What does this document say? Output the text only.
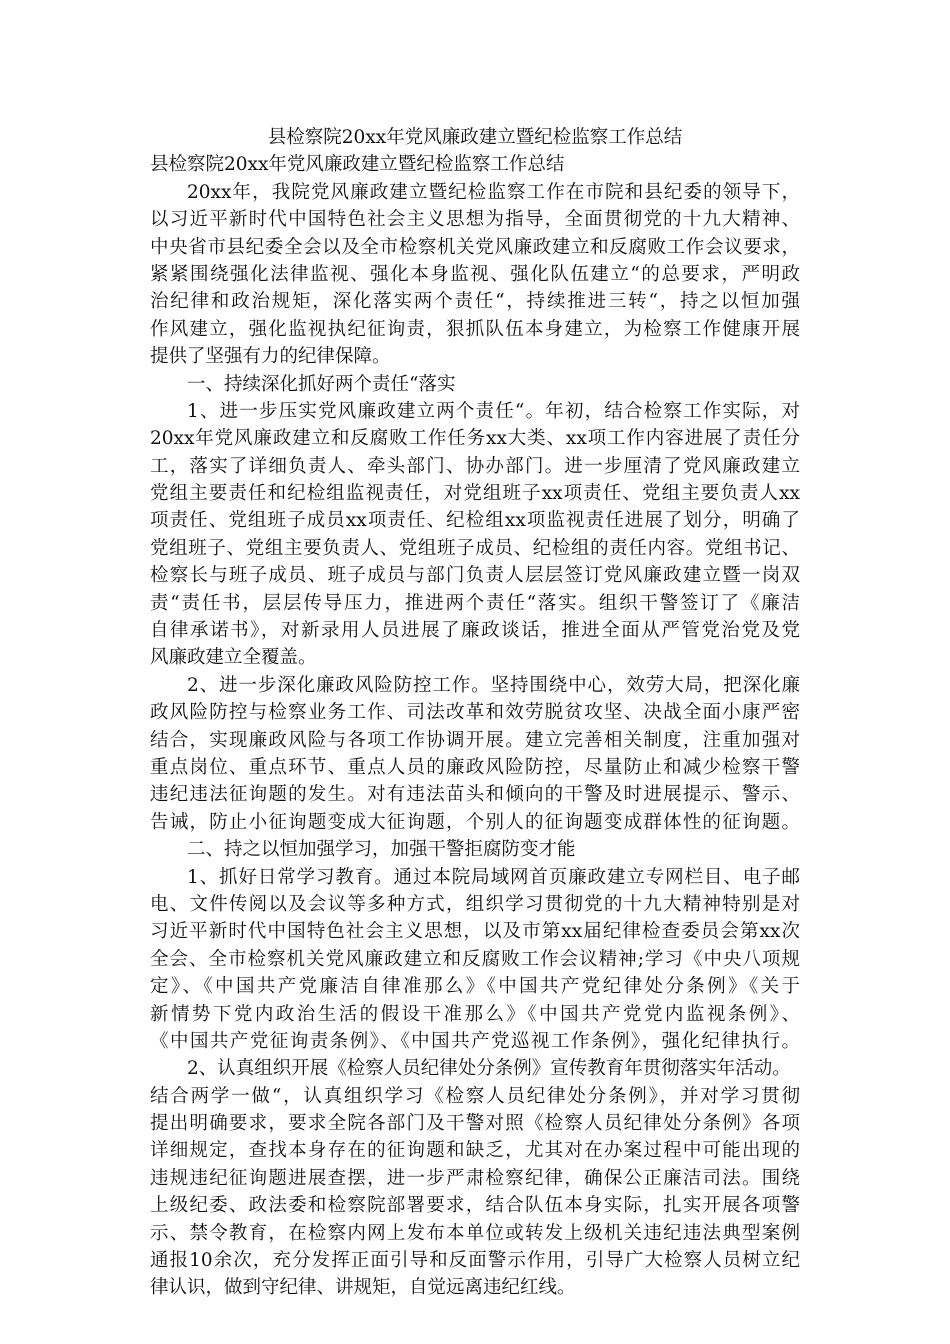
县检察院20xx年党风廉政建立暨纪检监察工作总结
县检察院20xx年党风廉政建立暨纪检监察工作总结
20xx年，我院党风廉政建立暨纪检监察工作在市院和县纪委的领导下，
以习近平新时代中国特色社会主义思想为指导，全面贯彻党的十九大精神、
中央省市县纪委全会以及全市检察机关党风廉政建立和反腐败工作会议要求，
紧紧围绕强化法律监视、强化本身监视、强化队伍建立“的总要求，严明政
治纪律和政治规矩，深化落实两个责任“，持续推进三转“，持之以恒加强
作风建立，强化监视执纪征询责，狠抓队伍本身建立，为检察工作健康开展
提供了坚强有力的纪律保障。
一、持续深化抓好两个责任“落实
1、进一步压实党风廉政建立两个责任“。年初，结合检察工作实际，对
20xx年党风廉政建立和反腐败工作任务xx大类、xx项工作内容进展了责任分
工，落实了详细负责人、牵头部门、协办部门。进一步厘清了党风廉政建立
党组主要责任和纪检组监视责任，对党组班子xx项责任、党组主要负责人xx
项责任、党组班子成员xx项责任、纪检组xx项监视责任进展了划分，明确了
党组班子、党组主要负责人、党组班子成员、纪检组的责任内容。党组书记、
检察长与班子成员、班子成员与部门负责人层层签订党风廉政建立暨一岗双
责“责任书，层层传导压力，推进两个责任“落实。组织干警签订了《廉洁
自律承诺书》，对新录用人员进展了廉政谈话，推进全面从严管党治党及党
风廉政建立全覆盖。
2、进一步深化廉政风险防控工作。坚持围绕中心，效劳大局，把深化廉
政风险防控与检察业务工作、司法改革和效劳脱贫攻坚、决战全面小康严密
结合，实现廉政风险与各项工作协调开展。建立完善相关制度，注重加强对
重点岗位、重点环节、重点人员的廉政风险防控，尽量防止和减少检察干警
违纪违法征询题的发生。对有违法苗头和倾向的干警及时进展提示、警示、
告诫，防止小征询题变成大征询题，个别人的征询题变成群体性的征询题。
二、持之以恒加强学习，加强干警拒腐防变才能
1、抓好日常学习教育。通过本院局域网首页廉政建立专网栏目、电子邮
电、文件传阅以及会议等多种方式，组织学习贯彻党的十九大精神特别是对
习近平新时代中国特色社会主义思想，以及市第xx届纪律检查委员会第xx次
全会、全市检察机关党风廉政建立和反腐败工作会议精神;学习《中央八项规
定》、《中国共产党廉洁自律准那么》《中国共产党纪律处分条例》《关于
新情势下党内政治生活的假设干准那么》《中国共产党党内监视条例》、
《中国共产党征询责条例》、《中国共产党巡视工作条例》，强化纪律执行。
2、认真组织开展《检察人员纪律处分条例》宣传教育年贯彻落实年活动。
结合两学一做“，认真组织学习《检察人员纪律处分条例》，并对学习贯彻
提出明确要求，要求全院各部门及干警对照《检察人员纪律处分条例》各项
详细规定，查找本身存在的征询题和缺乏，尤其对在办案过程中可能出现的
违规违纪征询题进展查摆，进一步严肃检察纪律，确保公正廉洁司法。围绕
上级纪委、政法委和检察院部署要求，结合队伍本身实际，扎实开展各项警
示、禁令教育，在检察内网上发布本单位或转发上级机关违纪违法典型案例
通报10余次，充分发挥正面引导和反面警示作用，引导广大检察人员树立纪
律认识，做到守纪律、讲规矩，自觉远离违纪红线。
